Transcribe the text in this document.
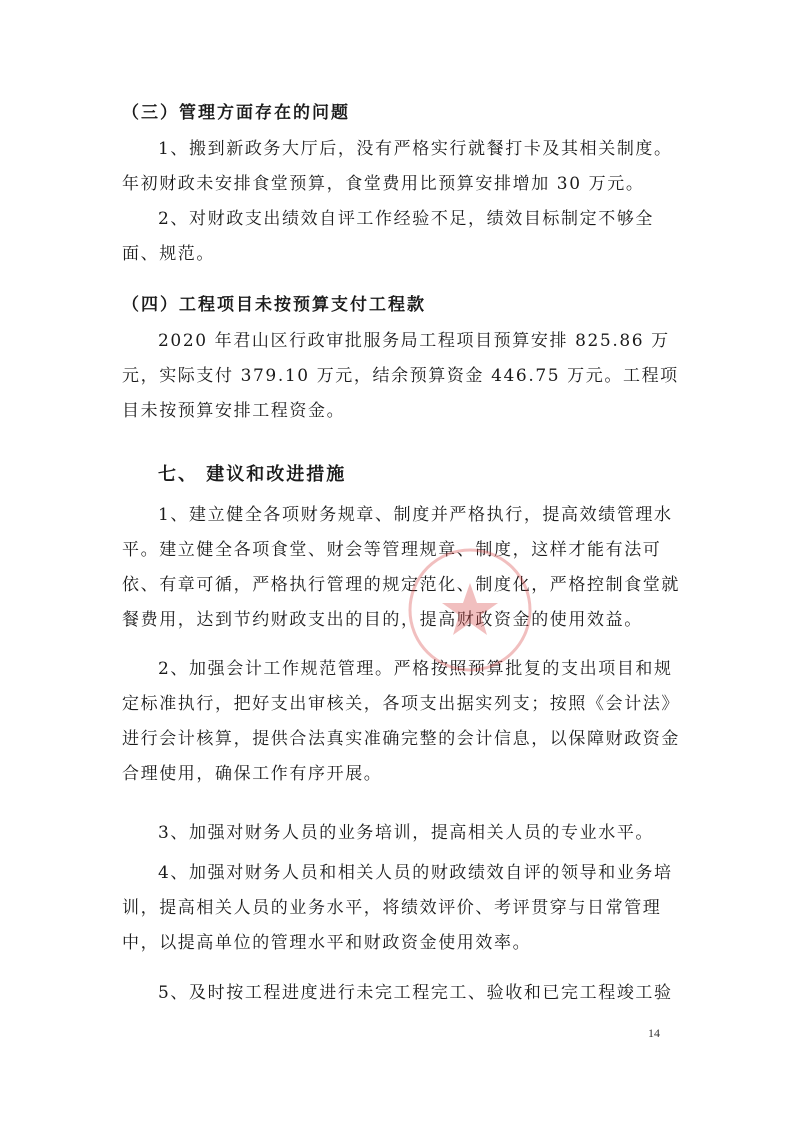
（三）管理方面存在的问题
1、搬到新政务大厅后，没有严格实行就餐打卡及其相关制度。年初财政未安排食堂预算，食堂费用比预算安排增加 30 万元。
2、对财政支出绩效自评工作经验不足，绩效目标制定不够全面、规范。
（四）工程项目未按预算支付工程款
2020 年君山区行政审批服务局工程项目预算安排 825.86 万元，实际支付 379.10 万元，结余预算资金 446.75 万元。工程项目未按预算安排工程资金。
七、 建议和改进措施
1、建立健全各项财务规章、制度并严格执行，提高效绩管理水平。建立健全各项食堂、财会等管理规章、制度，这样才能有法可依、有章可循，严格执行管理的规定范化、制度化，严格控制食堂就餐费用，达到节约财政支出的目的，提高财政资金的使用效益。
2、加强会计工作规范管理。严格按照预算批复的支出项目和规定标准执行，把好支出审核关，各项支出据实列支；按照《会计法》进行会计核算，提供合法真实准确完整的会计信息，以保障财政资金合理使用，确保工作有序开展。
3、加强对财务人员的业务培训，提高相关人员的专业水平。
4、加强对财务人员和相关人员的财政绩效自评的领导和业务培训，提高相关人员的业务水平，将绩效评价、考评贯穿与日常管理中，以提高单位的管理水平和财政资金使用效率。
5、及时按工程进度进行未完工程完工、验收和已完工程竣工验
14
